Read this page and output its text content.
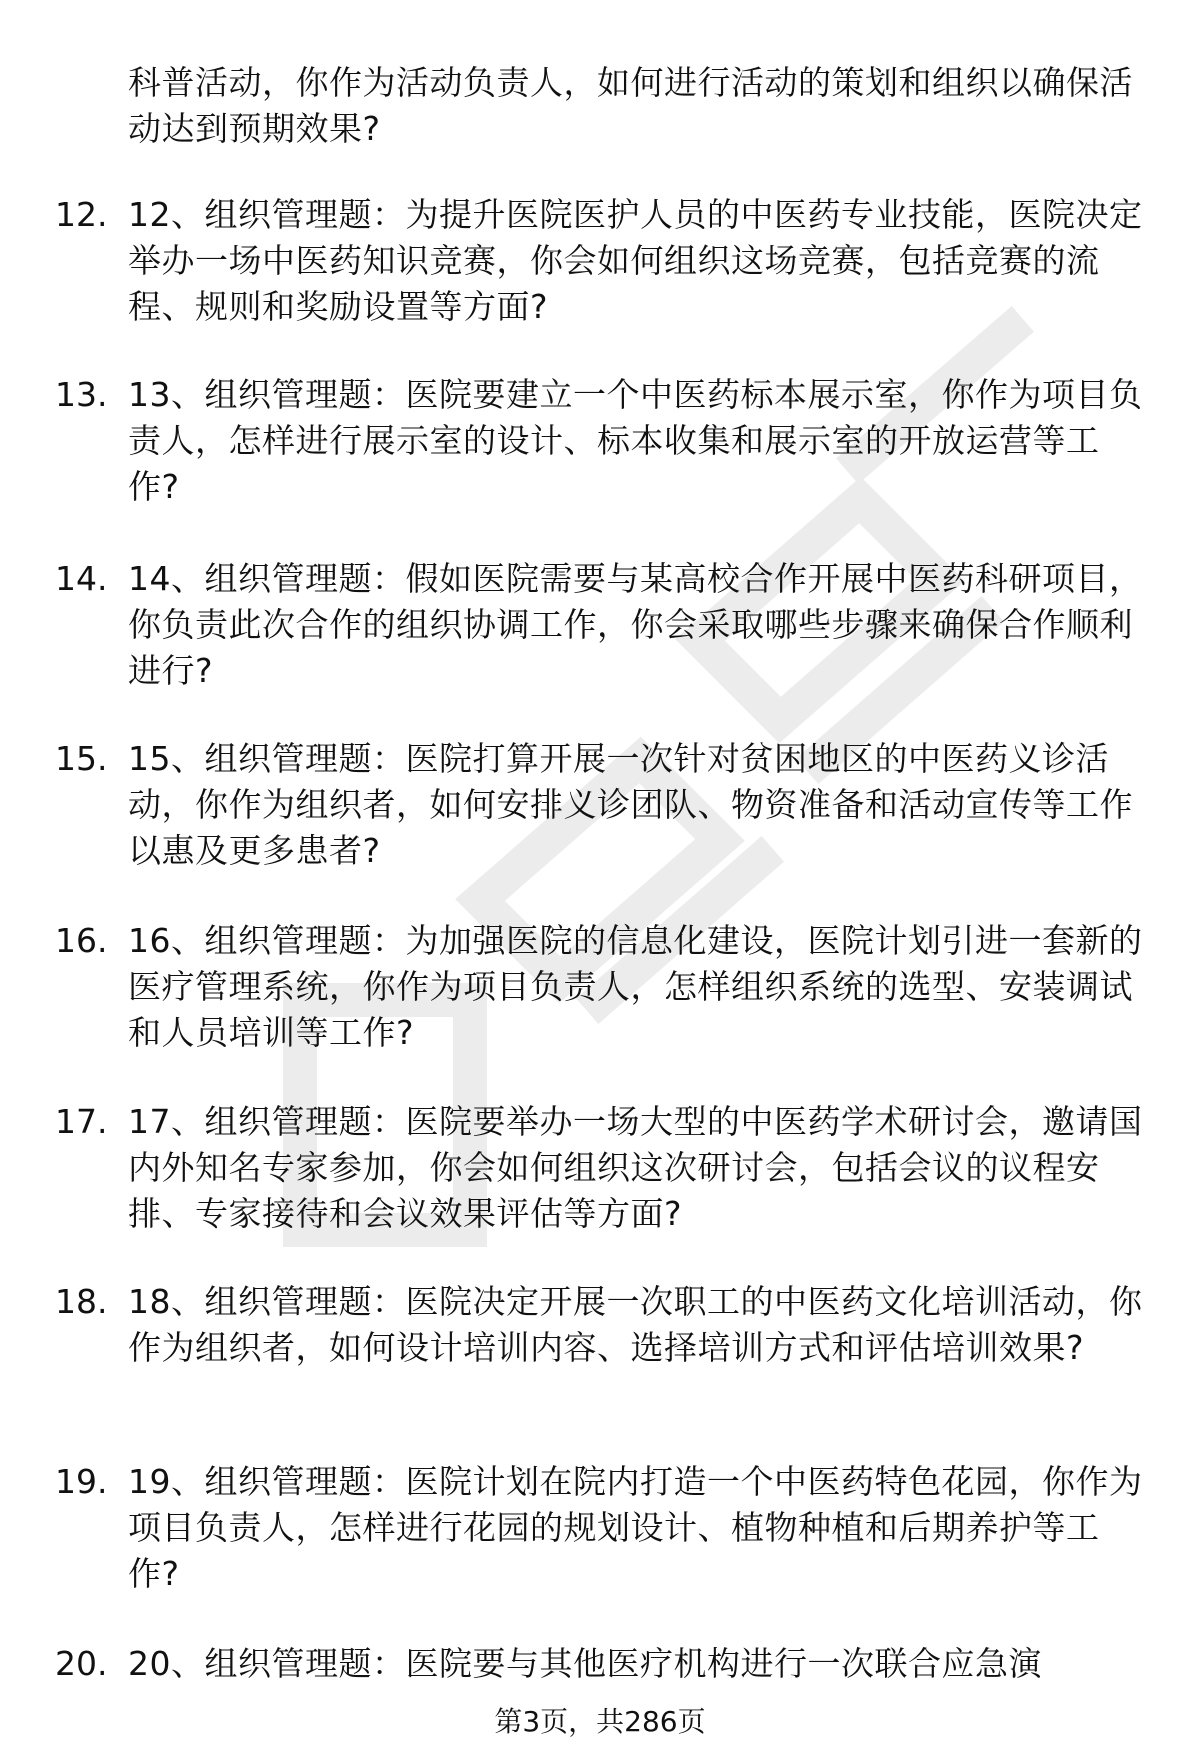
科普活动，你作为活动负责人，如何进行活动的策划和组织以确保活动达到预期效果?
12. 12、组织管理题：为提升医院医护人员的中医药专业技能，医院决定举办一场中医药知识竞赛，你会如何组织这场竞赛，包括竞赛的流程、规则和奖励设置等方面?
13. 13、组织管理题：医院要建立一个中医药标本展示室，你作为项目负责人，怎样进行展示室的设计、标本收集和展示室的开放运营等工作?
14. 14、组织管理题：假如医院需要与某高校合作开展中医药科研项目，你负责此次合作的组织协调工作，你会采取哪些步骤来确保合作顺利进行?
15. 15、组织管理题：医院打算开展一次针对贫困地区的中医药义诊活动，你作为组织者，如何安排义诊团队、物资准备和活动宣传等工作以惠及更多患者?
16. 16、组织管理题：为加强医院的信息化建设，医院计划引进一套新的医疗管理系统，你作为项目负责人，怎样组织系统的选型、安装调试和人员培训等工作?
17. 17、组织管理题：医院要举办一场大型的中医药学术研讨会，邀请国内外知名专家参加，你会如何组织这次研讨会，包括会议的议程安排、专家接待和会议效果评估等方面?
18. 18、组织管理题：医院决定开展一次职工的中医药文化培训活动，你作为组织者，如何设计培训内容、选择培训方式和评估培训效果?
19. 19、组织管理题：医院计划在院内打造一个中医药特色花园，你作为项目负责人，怎样进行花园的规划设计、植物种植和后期养护等工作?
20. 20、组织管理题：医院要与其他医疗机构进行一次联合应急演
第3页，共286页
